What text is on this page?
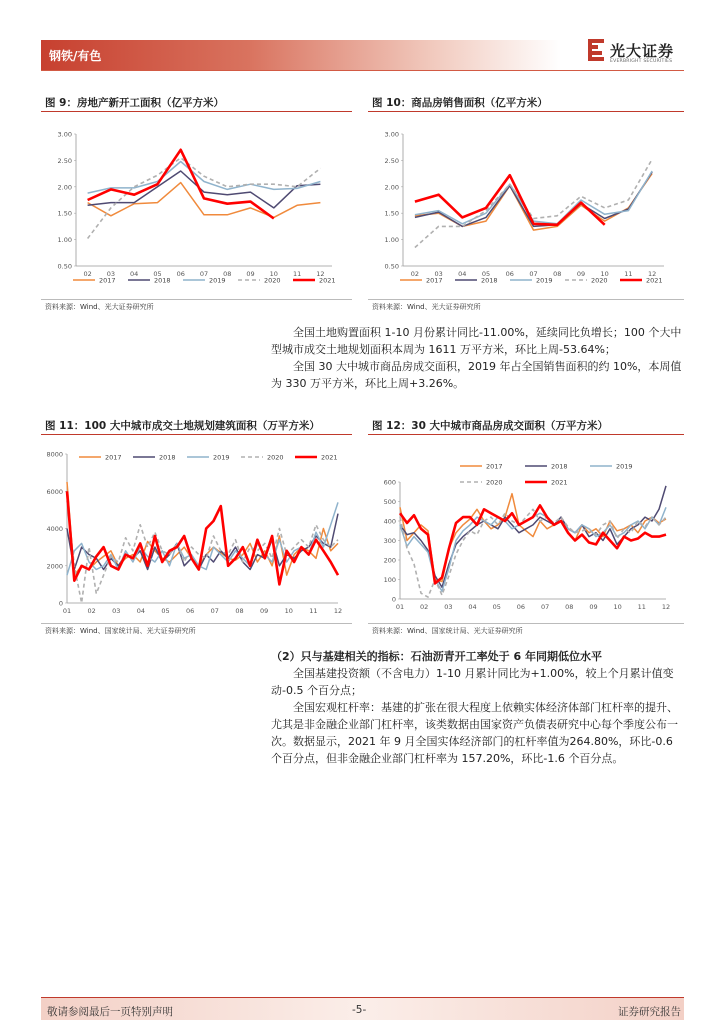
钢铁/有色	光大证券
EVERBRIGHT SECURITIES
图 9：房地产新开工面积（亿平方米）
0.50
1.00
1.50
2.00
2.50
3.00
02 03 04 05 06 07 08 09 10 11 12
2017	2018	2019	2020	2021
资料来源：Wind、光大证券研究所
图 10：商品房销售面积（亿平方米）
0.50
1.00
1.50
2.00
2.50
3.00
02 03 04 05 06 07 08 09 10 11 12
2017	2018	2019	2020	2021
资料来源：Wind、光大证券研究所

全国土地购置面积 1-10 月份累计同比-11.00%，延续同比负增长；100 个大中型城市成交土地规划面积本周为 1611 万平方米，环比上周-53.64%；

全国 30 大中城市商品房成交面积，2019 年占全国销售面积的约 10%，本周值为 330 万平方米，环比上周+3.26%。

图 11：100 大中城市成交土地规划建筑面积（万平方米）
0
2000
4000
6000
8000
01	02	03	04	05	06	07	08	09	10	11	12
2017	2018	2019	2020	2021
资料来源：Wind、国家统计局、光大证券研究所
图 12：30 大中城市商品房成交面积（万平方米）
0
100
200
300
400
500
600
01 02 03 04 05 06 07 08 09 10 11 12
2017	2018	2019
2020	2021
资料来源：Wind、国家统计局、光大证券研究所
（2）只与基建相关的指标：石油沥青开工率处于 6 年同期低位水平

全国基建投资额（不含电力）1-10 月累计同比为+1.00%，较上个月累计值变动-0.5 个百分点；

全国宏观杠杆率：基建的扩张在很大程度上依赖实体经济体部门杠杆率的提升、尤其是非金融企业部门杠杆率，该类数据由国家资产负债表研究中心每个季度公布一次。数据显示，2021 年 9 月全国实体经济部门的杠杆率值为264.80%，环比-0.6 个百分点，但非金融企业部门杠杆率为 157.20%，环比-1.6 个百分点。

敬请参阅最后一页特别声明	-5-	证券研究报告
